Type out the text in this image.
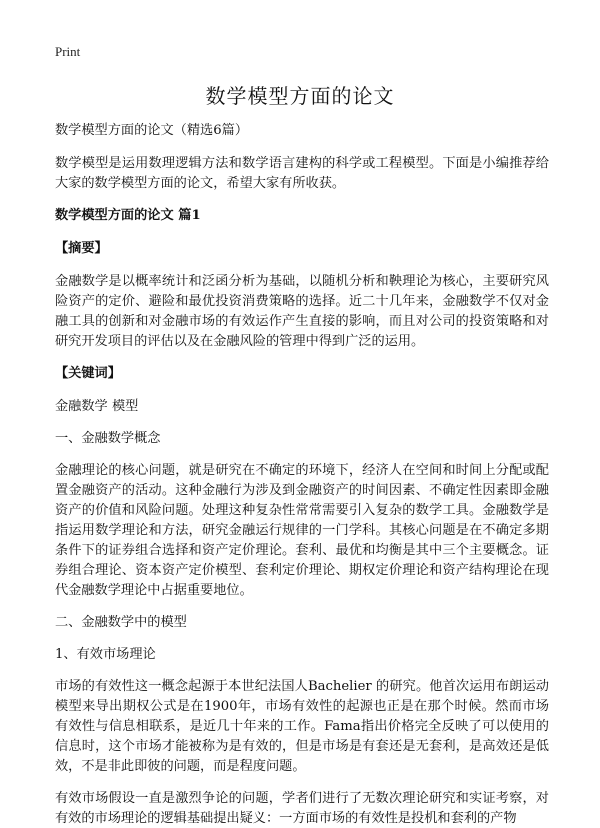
Print
数学模型方面的论文

数学模型方面的论文（精选6篇）

数学模型是运用数理逻辑方法和数学语言建构的科学或工程模型。下面是小编推荐给大家的数学模型方面的论文，希望大家有所收获。

数学模型方面的论文 篇1

【摘要】

金融数学是以概率统计和泛函分析为基础，以随机分析和鞅理论为核心，主要研究风险资产的定价、避险和最优投资消费策略的选择。近二十几年来，金融数学不仅对金融工具的创新和对金融市场的有效运作产生直接的影响，而且对公司的投资策略和对研究开发项目的评估以及在金融风险的管理中得到广泛的运用。

【关键词】

金融数学 模型

一、金融数学概念

金融理论的核心问题，就是研究在不确定的环境下，经济人在空间和时间上分配或配置金融资产的活动。这种金融行为涉及到金融资产的时间因素、不确定性因素即金融资产的价值和风险问题。处理这种复杂性常常需要引入复杂的数学工具。金融数学是指运用数学理论和方法，研究金融运行规律的一门学科。其核心问题是在不确定多期条件下的证券组合选择和资产定价理论。套利、最优和均衡是其中三个主要概念。证券组合理论、资本资产定价模型、套利定价理论、期权定价理论和资产结构理论在现代金融数学理论中占据重要地位。

二、金融数学中的模型

1、有效市场理论

市场的有效性这一概念起源于本世纪法国人Bachelier 的研究。他首次运用布朗运动模型来导出期权公式是在1900年，市场有效性的起源也正是在那个时候。然而市场有效性与信息相联系，是近几十年来的工作。Fama指出价格完全反映了可以使用的信息时，这个市场才能被称为是有效的，但是市场是有套还是无套利，是高效还是低效，不是非此即彼的问题，而是程度问题。

有效市场假设一直是激烈争论的问题，学者们进行了无数次理论研究和实证考察，对有效的市场理论的逻辑基础提出疑义：一方面市场的有效性是投机和套利的产物
